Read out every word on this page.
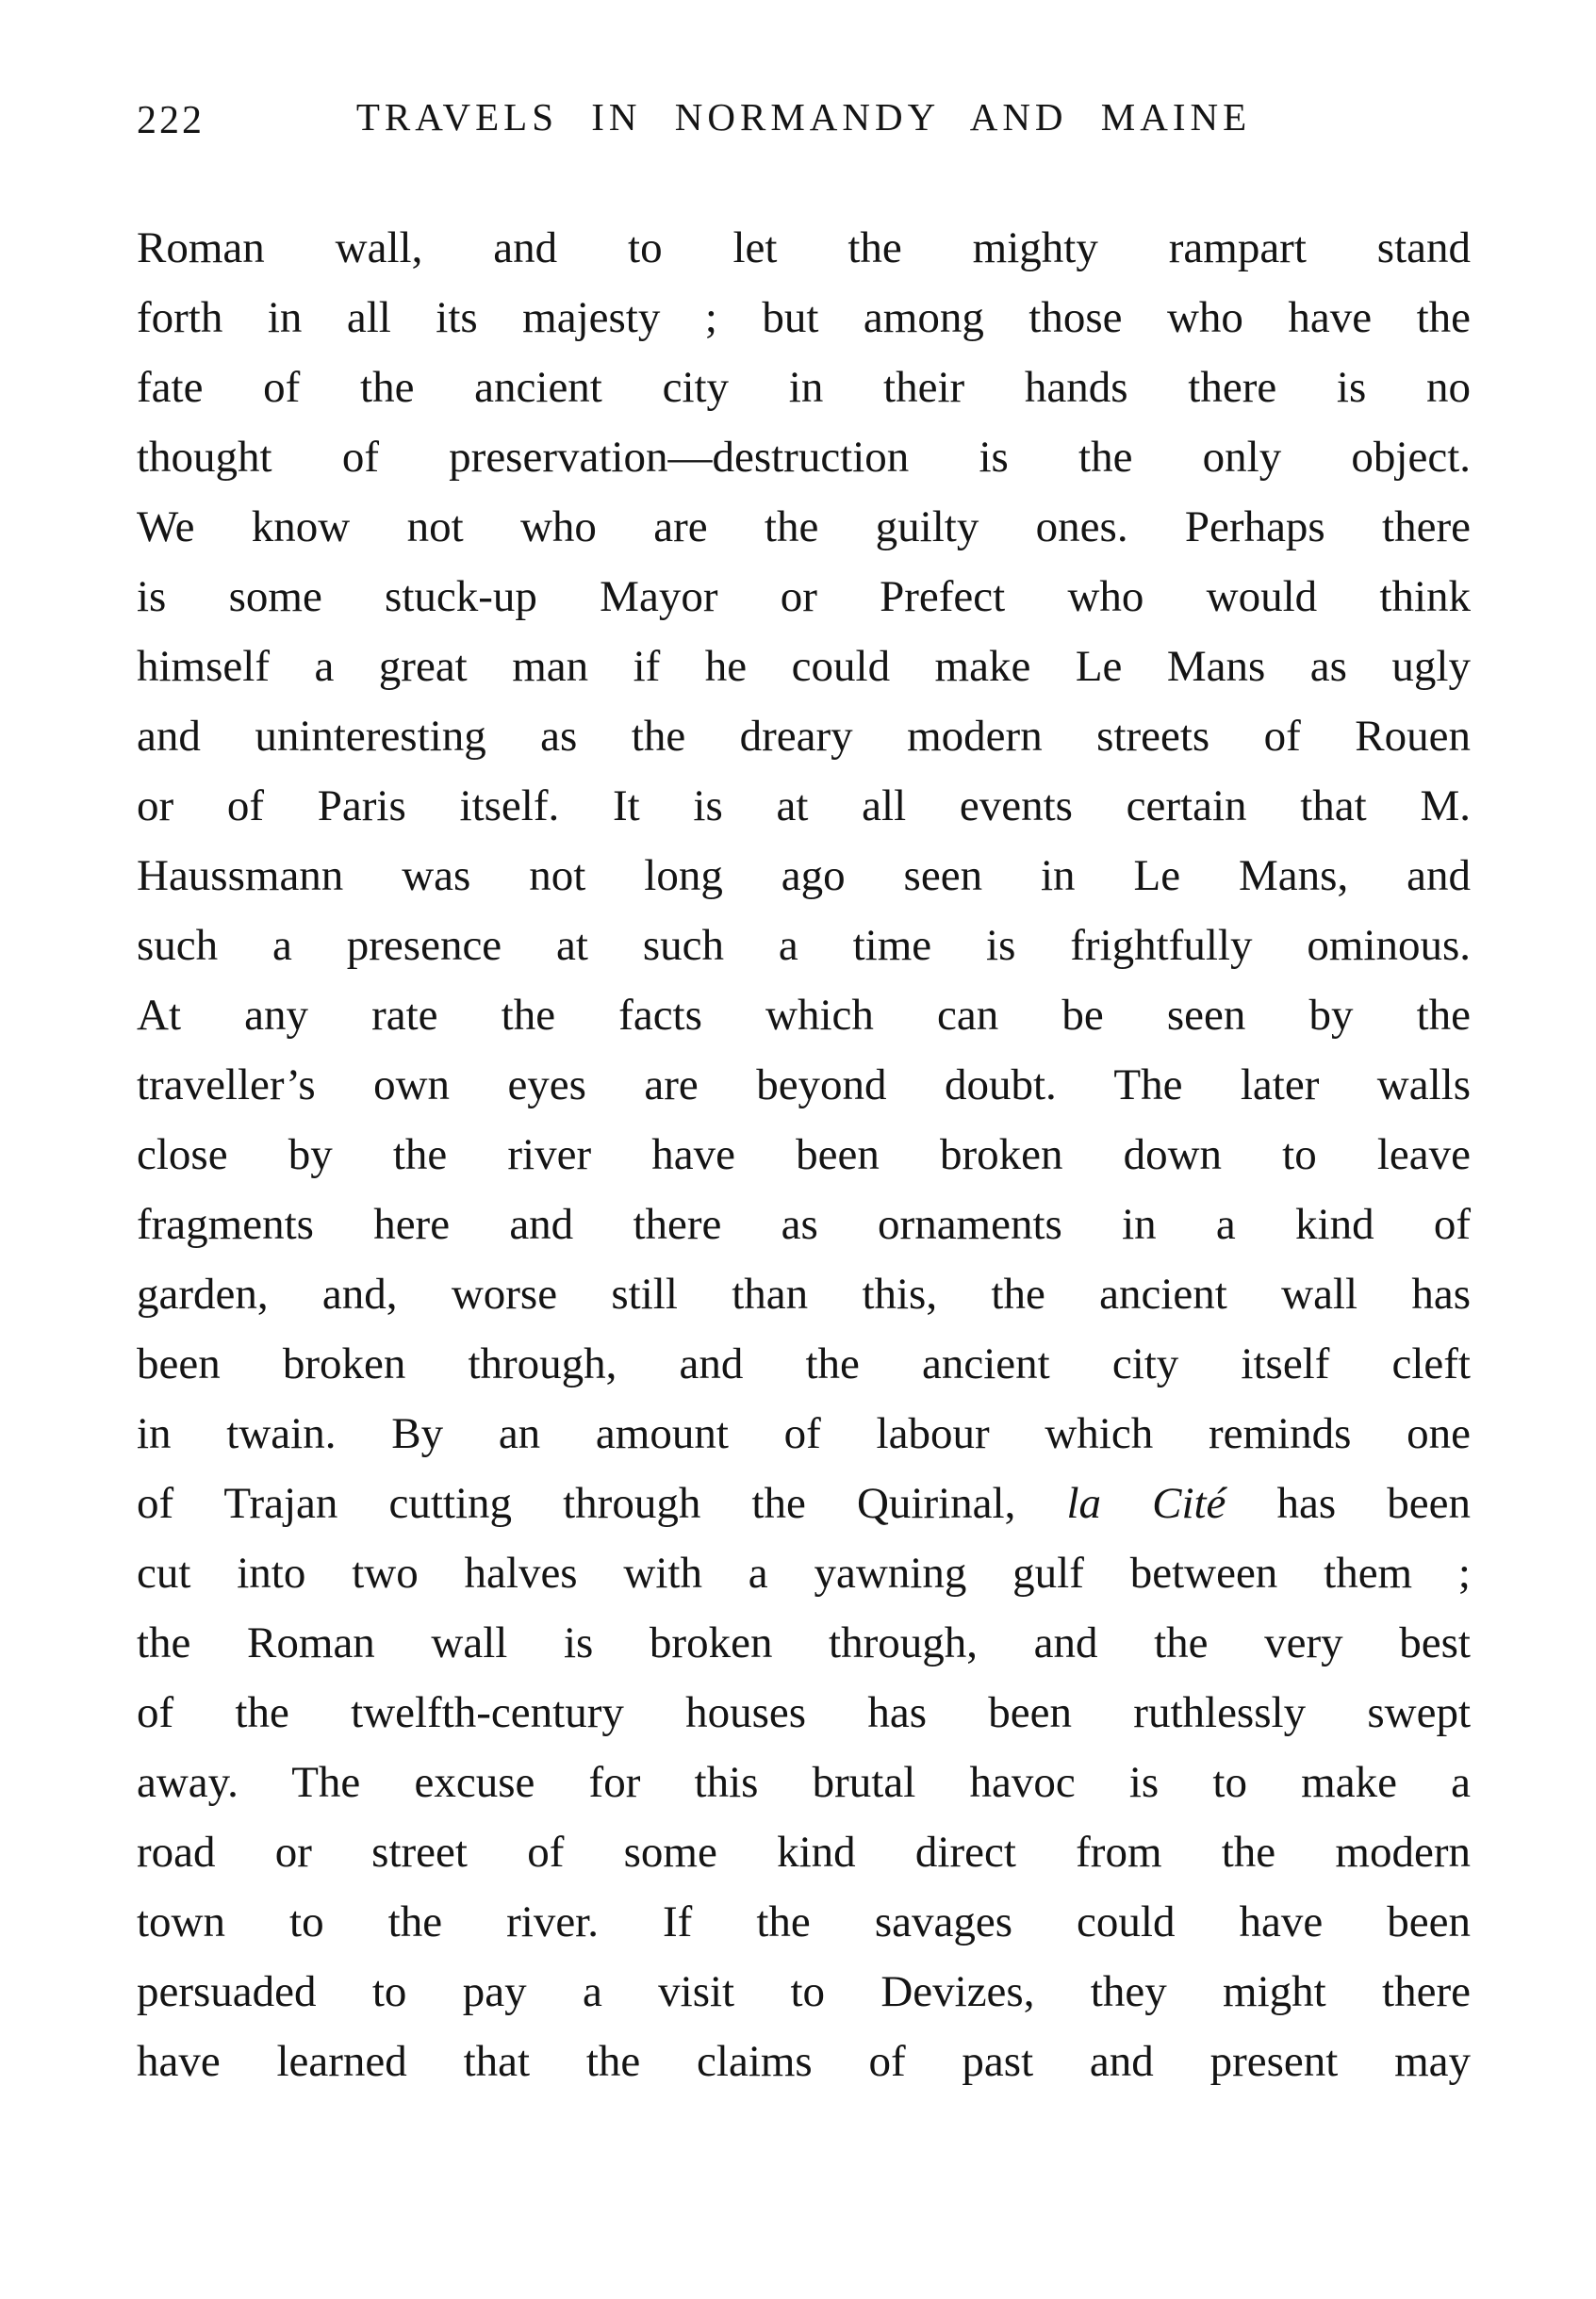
222	TRAVELS IN NORMANDY AND MAINE
Roman wall, and to let the mighty rampart stand
forth in all its majesty ; but among those who have the
fate of the ancient city in their hands there is no
thought of preservation—destruction is the only object.
We know not who are the guilty ones. Perhaps there
is some stuck-up Mayor or Prefect who would think
himself a great man if he could make Le Mans as ugly
and uninteresting as the dreary modern streets of Rouen
or of Paris itself. It is at all events certain that M.
Haussmann was not long ago seen in Le Mans, and
such a presence at such a time is frightfully ominous.
At any rate the facts which can be seen by the
traveller’s own eyes are beyond doubt. The later walls
close by the river have been broken down to leave
fragments here and there as ornaments in a kind of
garden, and, worse still than this, the ancient wall has
been broken through, and the ancient city itself cleft
in twain. By an amount of labour which reminds one
of Trajan cutting through the Quirinal, la Cité has been
cut into two halves with a yawning gulf between them ;
the Roman wall is broken through, and the very best
of the twelfth-century houses has been ruthlessly swept
away. The excuse for this brutal havoc is to make a
road or street of some kind direct from the modern
town to the river. If the savages could have been
persuaded to pay a visit to Devizes, they might there
have learned that the claims of past and present may
